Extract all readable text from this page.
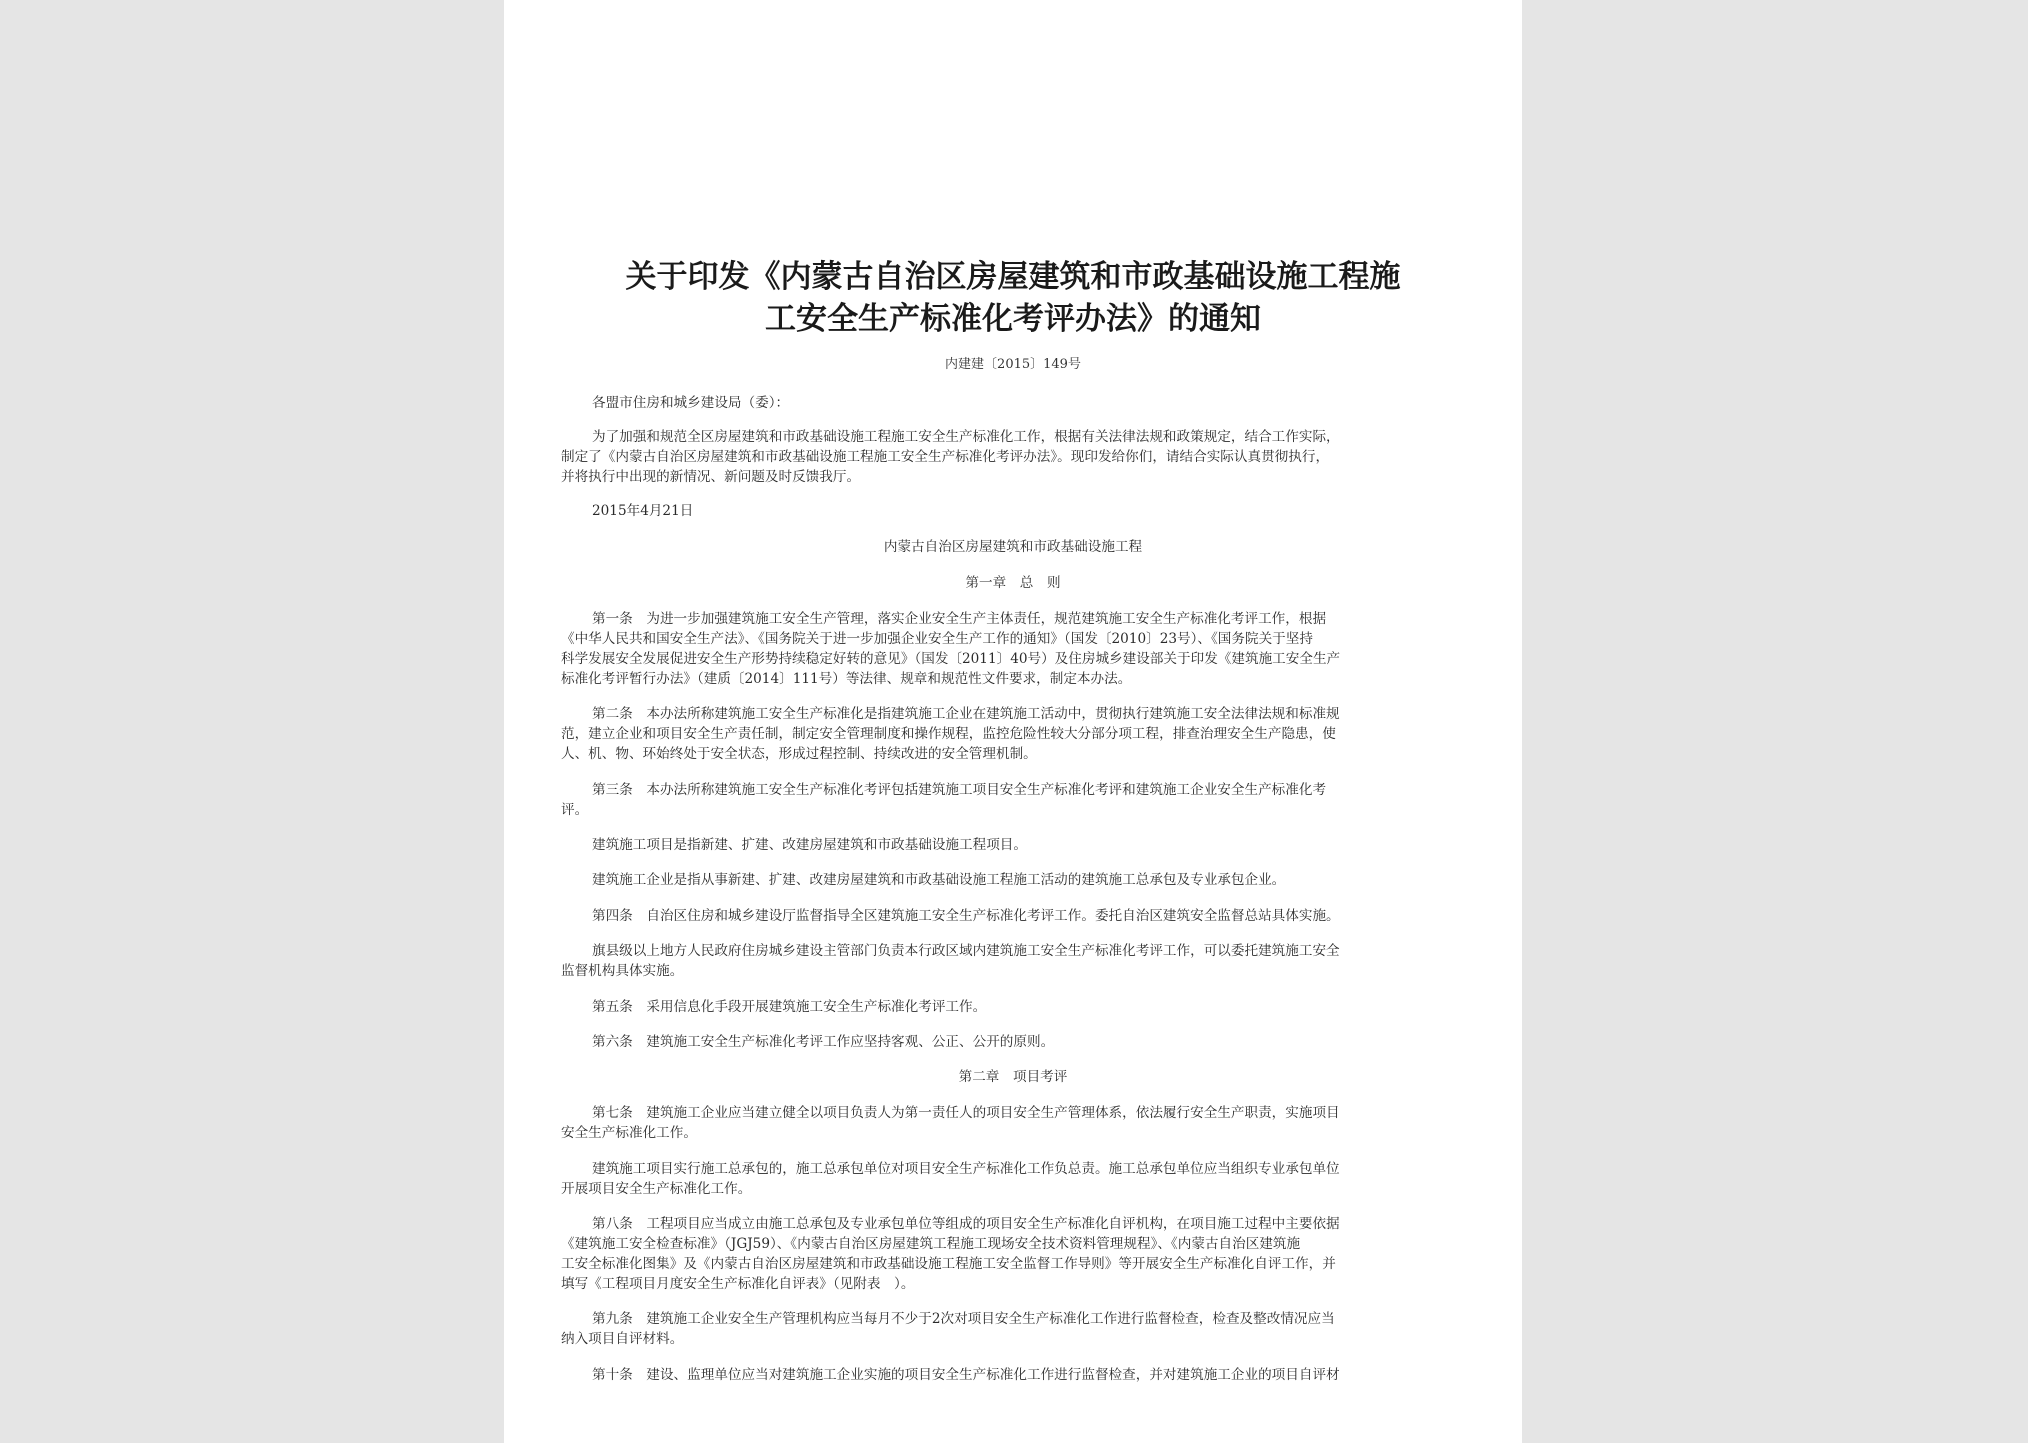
关于印发《内蒙古自治区房屋建筑和市政基础设施工程施
工安全生产标准化考评办法》的通知
内建建〔2015〕149号
各盟市住房和城乡建设局（委）：
为了加强和规范全区房屋建筑和市政基础设施工程施工安全生产标准化工作，根据有关法律法规和政策规定，结合工作实际，
制定了《内蒙古自治区房屋建筑和市政基础设施工程施工安全生产标准化考评办法》。现印发给你们，请结合实际认真贯彻执行，
并将执行中出现的新情况、新问题及时反馈我厅。
2015年4月21日
内蒙古自治区房屋建筑和市政基础设施工程
第一章　总　则
第一条　为进一步加强建筑施工安全生产管理，落实企业安全生产主体责任，规范建筑施工安全生产标准化考评工作，根据
《中华人民共和国安全生产法》、《国务院关于进一步加强企业安全生产工作的通知》（国发〔2010〕23号）、《国务院关于坚持
科学发展安全发展促进安全生产形势持续稳定好转的意见》（国发〔2011〕40号）及住房城乡建设部关于印发《建筑施工安全生产
标准化考评暂行办法》（建质〔2014〕111号）等法律、规章和规范性文件要求，制定本办法。
第二条　本办法所称建筑施工安全生产标准化是指建筑施工企业在建筑施工活动中，贯彻执行建筑施工安全法律法规和标准规
范，建立企业和项目安全生产责任制，制定安全管理制度和操作规程，监控危险性较大分部分项工程，排查治理安全生产隐患，使
人、机、物、环始终处于安全状态，形成过程控制、持续改进的安全管理机制。
第三条　本办法所称建筑施工安全生产标准化考评包括建筑施工项目安全生产标准化考评和建筑施工企业安全生产标准化考
评。
建筑施工项目是指新建、扩建、改建房屋建筑和市政基础设施工程项目。
建筑施工企业是指从事新建、扩建、改建房屋建筑和市政基础设施工程施工活动的建筑施工总承包及专业承包企业。
第四条　自治区住房和城乡建设厅监督指导全区建筑施工安全生产标准化考评工作。委托自治区建筑安全监督总站具体实施。
旗县级以上地方人民政府住房城乡建设主管部门负责本行政区域内建筑施工安全生产标准化考评工作，可以委托建筑施工安全
监督机构具体实施。
第五条　采用信息化手段开展建筑施工安全生产标准化考评工作。
第六条　建筑施工安全生产标准化考评工作应坚持客观、公正、公开的原则。
第二章　项目考评
第七条　建筑施工企业应当建立健全以项目负责人为第一责任人的项目安全生产管理体系，依法履行安全生产职责，实施项目
安全生产标准化工作。
建筑施工项目实行施工总承包的，施工总承包单位对项目安全生产标准化工作负总责。施工总承包单位应当组织专业承包单位
开展项目安全生产标准化工作。
第八条　工程项目应当成立由施工总承包及专业承包单位等组成的项目安全生产标准化自评机构，在项目施工过程中主要依据
《建筑施工安全检查标准》（JGJ59）、《内蒙古自治区房屋建筑工程施工现场安全技术资料管理规程》、《内蒙古自治区建筑施
工安全标准化图集》及《内蒙古自治区房屋建筑和市政基础设施工程施工安全监督工作导则》等开展安全生产标准化自评工作，并
填写《工程项目月度安全生产标准化自评表》（见附表　）。
第九条　建筑施工企业安全生产管理机构应当每月不少于2次对项目安全生产标准化工作进行监督检查，检查及整改情况应当
纳入项目自评材料。
第十条　建设、监理单位应当对建筑施工企业实施的项目安全生产标准化工作进行监督检查，并对建筑施工企业的项目自评材
